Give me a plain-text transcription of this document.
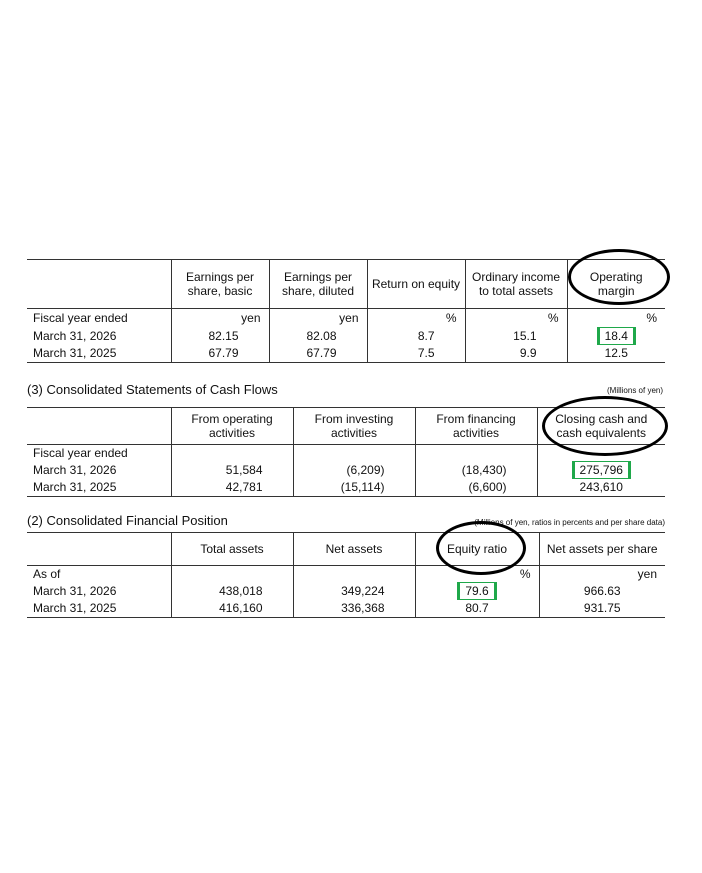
	Earnings per share, basic	Earnings per share, diluted	Return on equity	Ordinary income to total assets	Operating margin
Fiscal year ended	yen	yen	%	%	%
March 31, 2026	82.15	82.08	8.7	15.1	18.4
March 31, 2025	67.79	67.79	7.5	9.9	12.5
(3) Consolidated Statements of Cash Flows	(Millions of yen)
	From operating activities	From investing activities	From financing activities	Closing cash and cash equivalents
Fiscal year ended				
March 31, 2026	51,584	(6,209)	(18,430)	275,796
March 31, 2025	42,781	(15,114)	(6,600)	243,610
(2) Consolidated Financial Position	(Millions of yen, ratios in percents and per share data)
	Total assets	Net assets	Equity ratio	Net assets per share
As of			%	yen
March 31, 2026	438,018	349,224	79.6	966.63
March 31, 2025	416,160	336,368	80.7	931.75
